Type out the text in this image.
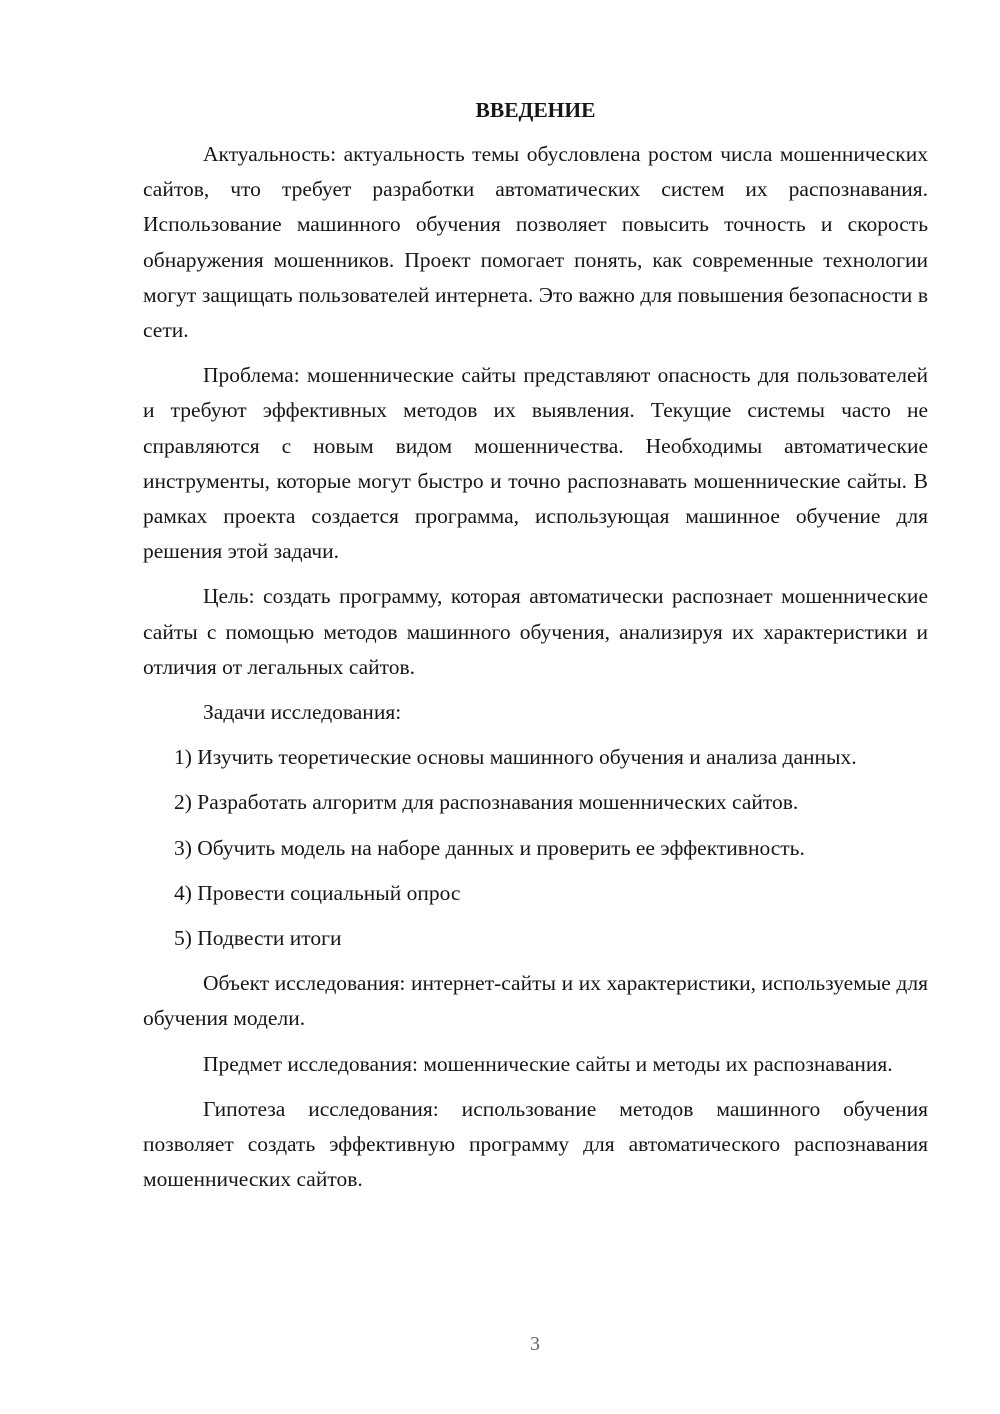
ВВЕДЕНИЕ

Актуальность: актуальность темы обусловлена ростом числа мошеннических сайтов, что требует разработки автоматических систем их распознавания. Использование машинного обучения позволяет повысить точность и скорость обнаружения мошенников. Проект помогает понять, как современные технологии могут защищать пользователей интернета. Это важно для повышения безопасности в сети.

Проблема: мошеннические сайты представляют опасность для пользователей и требуют эффективных методов их выявления. Текущие системы часто не справляются с новым видом мошенничества. Необходимы автоматические инструменты, которые могут быстро и точно распознавать мошеннические сайты. В рамках проекта создается программа, использующая машинное обучение для решения этой задачи.

Цель: создать программу, которая автоматически распознает мошеннические сайты с помощью методов машинного обучения, анализируя их характеристики и отличия от легальных сайтов.

Задачи исследования:

1) Изучить теоретические основы машинного обучения и анализа данных.

2) Разработать алгоритм для распознавания мошеннических сайтов.

3) Обучить модель на наборе данных и проверить ее эффективность.

4) Провести социальный опрос

5) Подвести итоги

Объект исследования: интернет-сайты и их характеристики, используемые для обучения модели.

Предмет исследования: мошеннические сайты и методы их распознавания.

Гипотеза исследования: использование методов машинного обучения позволяет создать эффективную программу для автоматического распознавания мошеннических сайтов.

3
